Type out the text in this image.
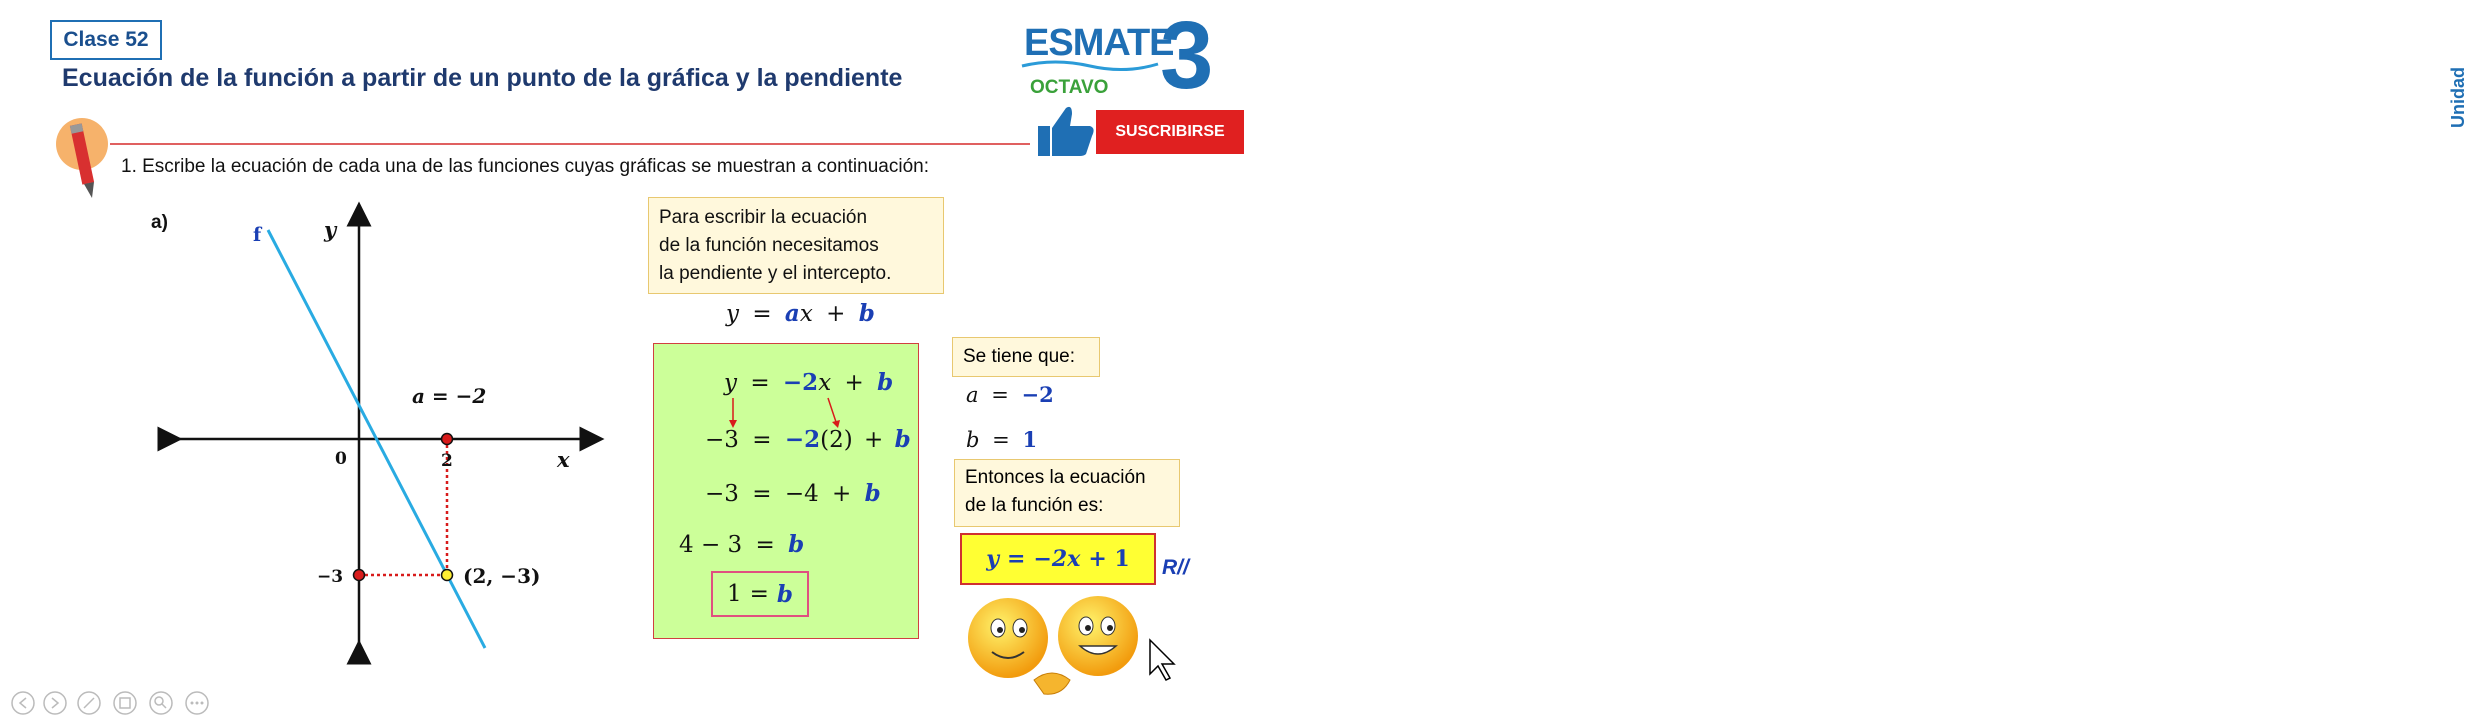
Clase 52
Ecuación de la función a partir de un punto de la gráfica y la pendiente
1. Escribe la ecuación de cada una de las funciones cuyas gráficas se muestran a continuación:
ESMATE
OCTAVO 3	Unidad
SUSCRIBIRSE
a)
f	y
x
0	2
−3	(2, −3)
a = −2
Para escribir la ecuación
de la función necesitamos
la pendiente y el intercepto.
y = ax + b
y = −2x + b
−3 = −2(2) + b
−3 = −4 + b
4 − 3 = b
1 = b
Se tiene que:
a = −2
b = 1
Entonces la ecuación
de la función es:
y = −2x + 1 R//
